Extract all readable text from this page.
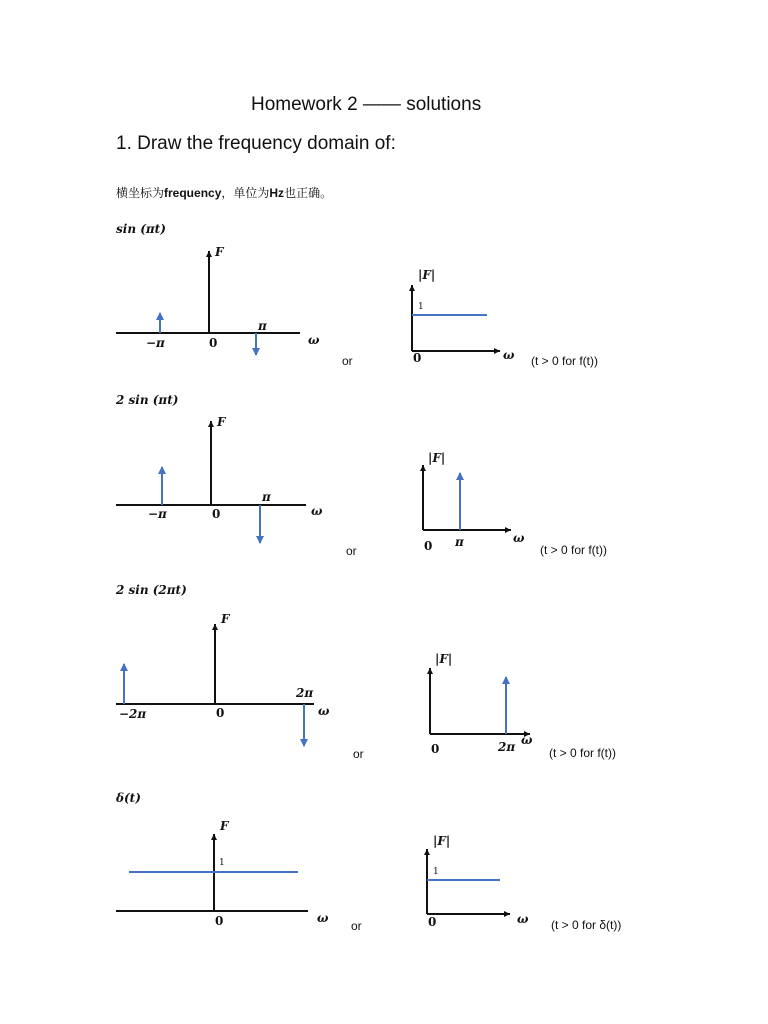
Homework 2 —— solutions
1. Draw the frequency domain of:
横坐标为frequency，单位为Hz也正确。
sin (πt)
F
−π	0
π
ω
or
|F|
1
0	ω (t > 0 for f(t))
2 sin (πt)
F
−π	0
π
ω
or
|F|
0 π	ω
(t > 0 for f(t))
2 sin (2πt)
F
−2π	0
2π
ω
or
|F|
0	2π ω
(t > 0 for f(t))
δ(t)
F
1
0	ω
or
|F|
1
0	ω (t > 0 for δ(t))
